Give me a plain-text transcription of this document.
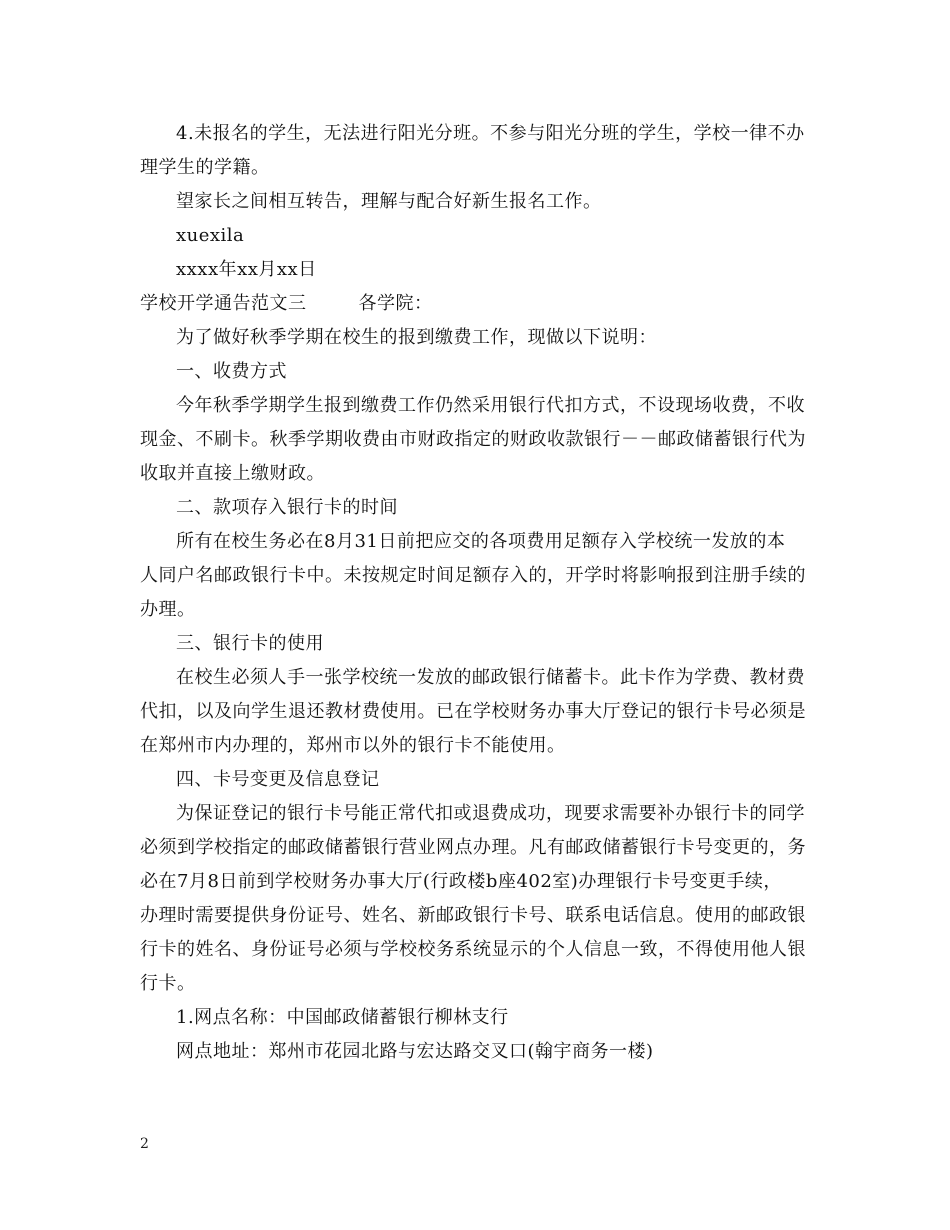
4.未报名的学生，无法进行阳光分班。不参与阳光分班的学生，学校一律不办
理学生的学籍。
望家长之间相互转告，理解与配合好新生报名工作。
xuexila
xxxx年xx月xx日
学校开学通告范文三	各学院：
为了做好秋季学期在校生的报到缴费工作，现做以下说明：
一、收费方式
今年秋季学期学生报到缴费工作仍然采用银行代扣方式，不设现场收费，不收
现金、不刷卡。秋季学期收费由市财政指定的财政收款银行－－邮政储蓄银行代为
收取并直接上缴财政。
二、款项存入银行卡的时间
所有在校生务必在8月31日前把应交的各项费用足额存入学校统一发放的本
人同户名邮政银行卡中。未按规定时间足额存入的，开学时将影响报到注册手续的
办理。
三、银行卡的使用
在校生必须人手一张学校统一发放的邮政银行储蓄卡。此卡作为学费、教材费
代扣，以及向学生退还教材费使用。已在学校财务办事大厅登记的银行卡号必须是
在郑州市内办理的，郑州市以外的银行卡不能使用。
四、卡号变更及信息登记
为保证登记的银行卡号能正常代扣或退费成功，现要求需要补办银行卡的同学
必须到学校指定的邮政储蓄银行营业网点办理。凡有邮政储蓄银行卡号变更的，务
必在7月8日前到学校财务办事大厅(行政楼b座402室)办理银行卡号变更手续，
办理时需要提供身份证号、姓名、新邮政银行卡号、联系电话信息。使用的邮政银
行卡的姓名、身份证号必须与学校校务系统显示的个人信息一致，不得使用他人银
行卡。
1.网点名称：中国邮政储蓄银行柳林支行
网点地址：郑州市花园北路与宏达路交叉口(翰宇商务一楼)
2
